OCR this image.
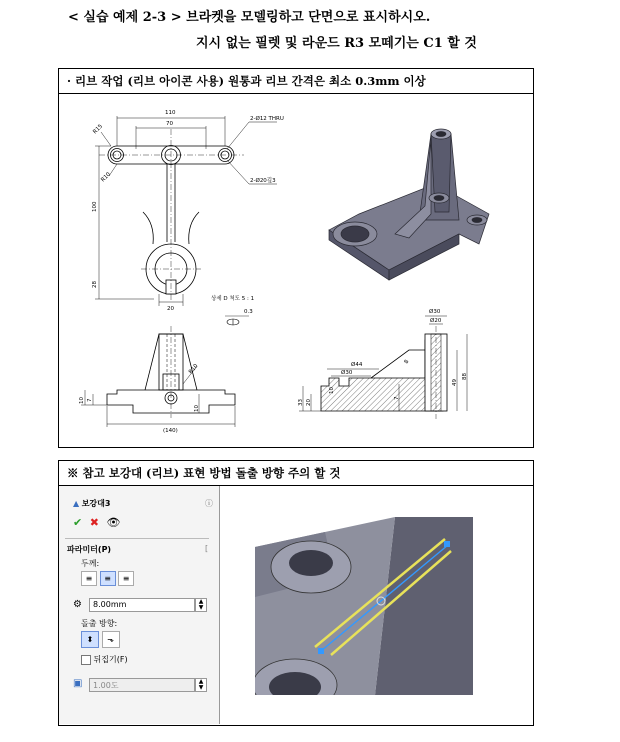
< 실습 예제 2-3 > 브라켓을 모델링하고 단면으로 표시하시오.
지시 없는 필렛 및 라운드 R3 모떼기는 C1 할 것
· 리브 작업 (리브 아이콘 사용) 원통과 리브 간격은 최소 0.3mm 이상
110
70
2-Ø12 THRU
2-Ø20깊3
R15
R10
100
28
20
상세 D 척도 5 : 1
0.3
(140)
10 7
10
R10	Ø44
Ø30
8
10
33 20
7
Ø30
Ø20
49
88
※ 참고 보강대 (리브) 표현 방법 돌출 방향 주의 할 것
▲ 보강대3	ⓘ
✔ ✖ 👁
파라미터(P)	[
두께:
≡ ≡ ≡
⚙ 8.00mm	▲
▼
돌출 방향:
⬍ ⬎
뒤집기(F)
▣ 1.00도	▲
▼
